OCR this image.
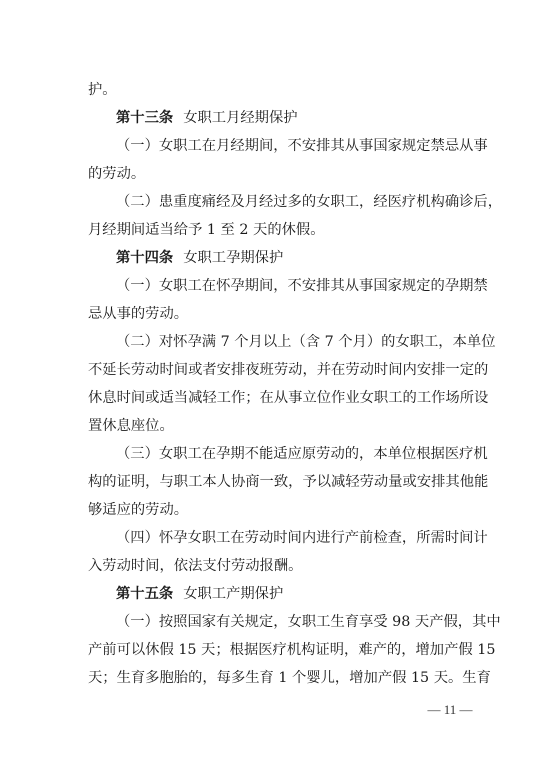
护。
第十三条 女职工月经期保护
（一）女职工在月经期间，不安排其从事国家规定禁忌从事
的劳动。
（二）患重度痛经及月经过多的女职工，经医疗机构确诊后，
月经期间适当给予 1 至 2 天的休假。
第十四条 女职工孕期保护
（一）女职工在怀孕期间，不安排其从事国家规定的孕期禁
忌从事的劳动。
（二）对怀孕满 7 个月以上（含 7 个月）的女职工，本单位
不延长劳动时间或者安排夜班劳动，并在劳动时间内安排一定的
休息时间或适当减轻工作；在从事立位作业女职工的工作场所设
置休息座位。
（三）女职工在孕期不能适应原劳动的，本单位根据医疗机
构的证明，与职工本人协商一致，予以减轻劳动量或安排其他能
够适应的劳动。
（四）怀孕女职工在劳动时间内进行产前检查，所需时间计
入劳动时间，依法支付劳动报酬。
第十五条 女职工产期保护
（一）按照国家有关规定，女职工生育享受 98 天产假，其中
产前可以休假 15 天；根据医疗机构证明，难产的，增加产假 15
天；生育多胞胎的，每多生育 1 个婴儿，增加产假 15 天。生育
— 11 —
